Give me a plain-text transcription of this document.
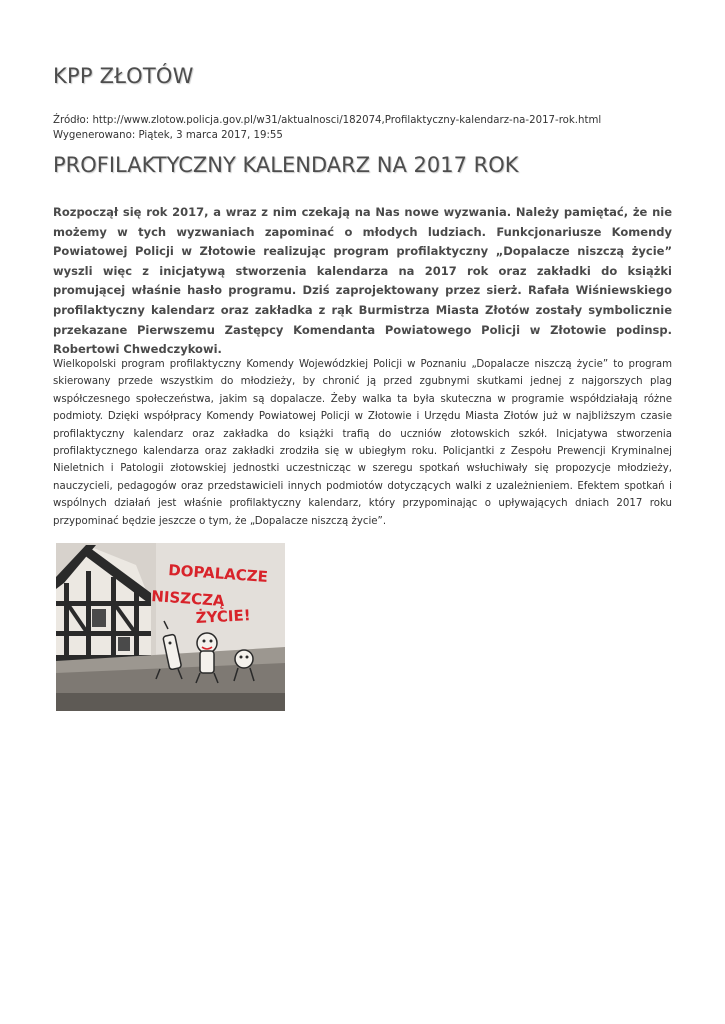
KPP ZŁOTÓW
Źródło: http://www.zlotow.policja.gov.pl/w31/aktualnosci/182074,Profilaktyczny-kalendarz-na-2017-rok.html
Wygenerowano: Piątek, 3 marca 2017, 19:55
PROFILAKTYCZNY KALENDARZ NA 2017 ROK

Rozpoczął się rok 2017, a wraz z nim czekają na Nas nowe wyzwania. Należy pamiętać, że nie możemy w tych wyzwaniach zapominać o młodych ludziach. Funkcjonariusze Komendy Powiatowej Policji w Złotowie realizując program profilaktyczny „Dopalacze niszczą życie” wyszli więc z inicjatywą stworzenia kalendarza na 2017 rok oraz zakładki do książki promującej właśnie hasło programu. Dziś zaprojektowany przez sierż. Rafała Wiśniewskiego profilaktyczny kalendarz oraz zakładka z rąk Burmistrza Miasta Złotów zostały symbolicznie przekazane Pierwszemu Zastępcy Komendanta Powiatowego Policji w Złotowie podinsp. Robertowi Chwedczykowi.

Wielkopolski program profilaktyczny Komendy Wojewódzkiej Policji w Poznaniu „Dopalacze niszczą życie” to program skierowany przede wszystkim do młodzieży, by chronić ją przed zgubnymi skutkami jednej z najgorszych plag współczesnego społeczeństwa, jakim są dopalacze. Żeby walka ta była skuteczna w programie współdziałają różne podmioty. Dzięki współpracy Komendy Powiatowej Policji w Złotowie i Urzędu Miasta Złotów już w najbliższym czasie profilaktyczny kalendarz oraz zakładka do książki trafią do uczniów złotowskich szkół. Inicjatywa stworzenia profilaktycznego kalendarza oraz zakładki zrodziła się w ubiegłym roku. Policjantki z Zespołu Prewencji Kryminalnej Nieletnich i Patologii złotowskiej jednostki uczestnicząc w szeregu spotkań wsłuchiwały się propozycje młodzieży, nauczycieli, pedagogów oraz przedstawicieli innych podmiotów dotyczących walki z uzależnieniem. Efektem spotkań i wspólnych działań jest właśnie profilaktyczny kalendarz, który przypominając o upływających dniach 2017 roku przypominać będzie jeszcze o tym, że „Dopalacze niszczą życie”.

DOPALACZE
NISZCZĄ
ŻYCIE!
